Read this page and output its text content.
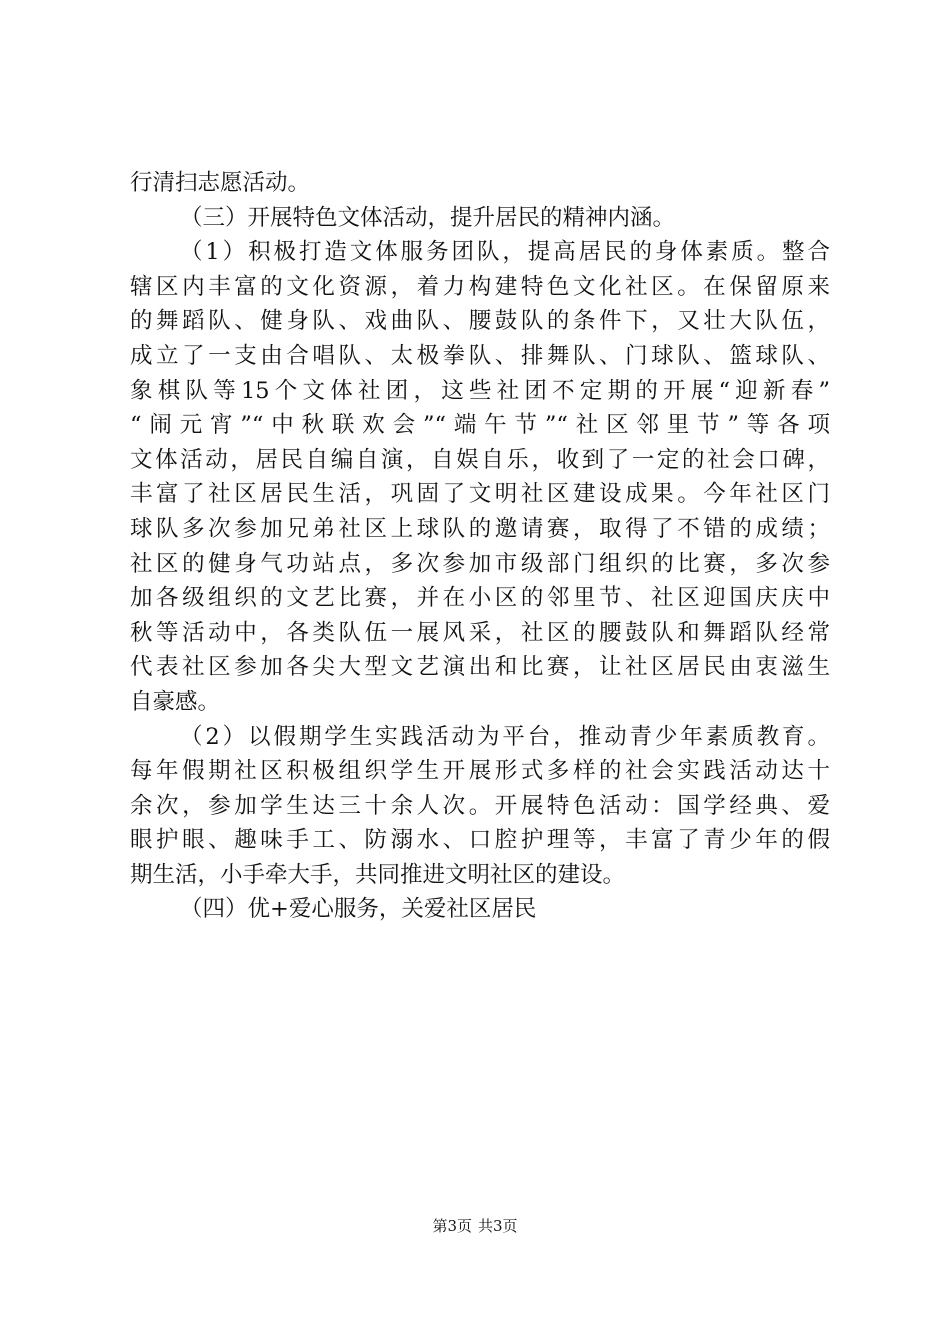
行清扫志愿活动。
（三）开展特色文体活动，提升居民的精神内涵。
（1）积极打造文体服务团队，提高居民的身体素质。整合
辖区内丰富的文化资源，着力构建特色文化社区。在保留原来
的舞蹈队、健身队、戏曲队、腰鼓队的条件下，又壮大队伍，
成立了一支由合唱队、太极拳队、排舞队、门球队、篮球队、
象棋队等15个文体社团，这些社团不定期的开展“迎新春”
“闹元宵”“中秋联欢会”“端午节”“社区邻里节”等各项
文体活动，居民自编自演，自娱自乐，收到了一定的社会口碑，
丰富了社区居民生活，巩固了文明社区建设成果。今年社区门
球队多次参加兄弟社区上球队的邀请赛，取得了不错的成绩；
社区的健身气功站点，多次参加市级部门组织的比赛，多次参
加各级组织的文艺比赛，并在小区的邻里节、社区迎国庆庆中
秋等活动中，各类队伍一展风采，社区的腰鼓队和舞蹈队经常
代表社区参加各尖大型文艺演出和比赛，让社区居民由衷滋生
自豪感。
（2）以假期学生实践活动为平台，推动青少年素质教育。
每年假期社区积极组织学生开展形式多样的社会实践活动达十
余次，参加学生达三十余人次。开展特色活动：国学经典、爱
眼护眼、趣味手工、防溺水、口腔护理等，丰富了青少年的假
期生活，小手牵大手，共同推进文明社区的建设。
（四）优+爱心服务，关爱社区居民
第3页 共3页
